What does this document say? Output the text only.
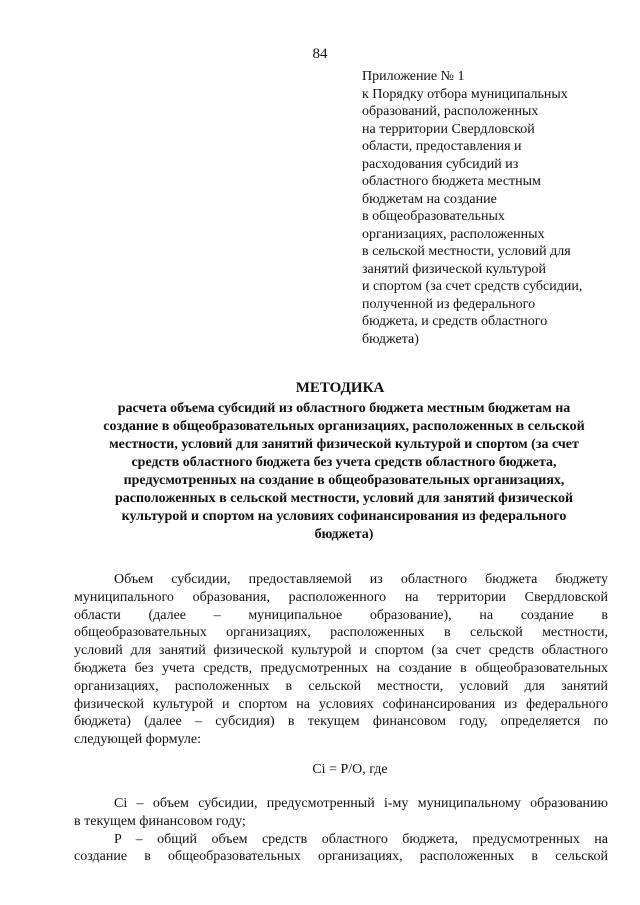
84
Приложение № 1
к Порядку отбора муниципальных
образований, расположенных
на территории Свердловской
области, предоставления и
расходования субсидий из
областного бюджета местным
бюджетам на создание
в общеобразовательных
организациях, расположенных
в сельской местности, условий для
занятий физической культурой
и спортом (за счет средств субсидии,
полученной из федерального
бюджета, и средств областного
бюджета)
МЕТОДИКА
расчета объема субсидий из областного бюджета местным бюджетам на
создание в общеобразовательных организациях, расположенных в сельской
местности, условий для занятий физической культурой и спортом (за счет
средств областного бюджета без учета средств областного бюджета,
предусмотренных на создание в общеобразовательных организациях,
расположенных в сельской местности, условий для занятий физической
культурой и спортом на условиях софинансирования из федерального
бюджета)
Объем субсидии, предоставляемой из областного бюджета бюджету
муниципального образования, расположенного на территории Свердловской
области (далее – муниципальное образование), на создание в
общеобразовательных организациях, расположенных в сельской местности,
условий для занятий физической культурой и спортом (за счет средств областного
бюджета без учета средств, предусмотренных на создание в общеобразовательных
организациях, расположенных в сельской местности, условий для занятий
физической культурой и спортом на условиях софинансирования из федерального
бюджета) (далее – субсидия) в текущем финансовом году, определяется по
следующей формуле:
Ci = P/O, где
Ci – объем субсидии, предусмотренный i-му муниципальному образованию
в текущем финансовом году;
P – общий объем средств областного бюджета, предусмотренных на
создание в общеобразовательных организациях, расположенных в сельской
